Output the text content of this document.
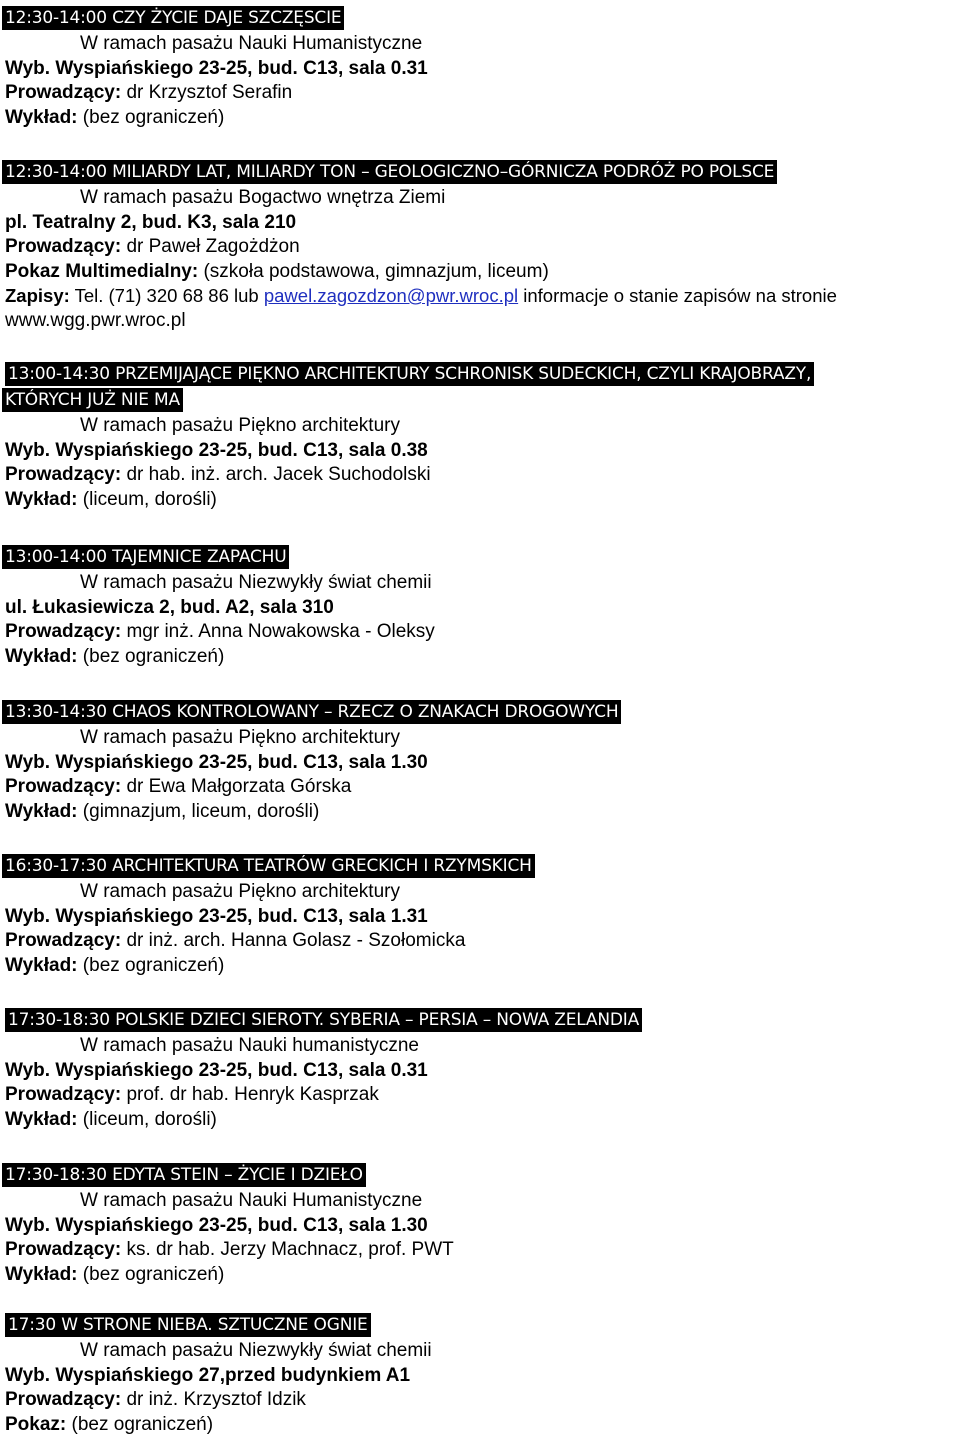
12:30-14:00 CZY ŻYCIE DAJE SZCZĘSCIE
W ramach pasażu Nauki Humanistyczne
Wyb. Wyspiańskiego 23-25, bud. C13, sala 0.31
Prowadzący: dr Krzysztof Serafin
Wykład: (bez ograniczeń)
12:30-14:00 MILIARDY LAT, MILIARDY TON – GEOLOGICZNO–GÓRNICZA PODRÓŻ PO POLSCE
W ramach pasażu Bogactwo wnętrza Ziemi
pl. Teatralny 2, bud. K3, sala 210
Prowadzący: dr Paweł Zagożdżon
Pokaz Multimedialny: (szkoła podstawowa, gimnazjum, liceum)
Zapisy: Tel. (71) 320 68 86 lub pawel.zagozdzon@pwr.wroc.pl informacje o stanie zapisów na stronie
www.wgg.pwr.wroc.pl
13:00-14:30 PRZEMIJAJĄCE PIĘKNO ARCHITEKTURY SCHRONISK SUDECKICH, CZYLI KRAJOBRAZY,
KTÓRYCH JUŻ NIE MA
W ramach pasażu Piękno architektury
Wyb. Wyspiańskiego 23-25, bud. C13, sala 0.38
Prowadzący: dr hab. inż. arch. Jacek Suchodolski
Wykład: (liceum, dorośli)
13:00-14:00 TAJEMNICE ZAPACHU
W ramach pasażu Niezwykły świat chemii
ul. Łukasiewicza 2, bud. A2, sala 310
Prowadzący: mgr inż. Anna Nowakowska - Oleksy
Wykład: (bez ograniczeń)
13:30-14:30 CHAOS KONTROLOWANY – RZECZ O ZNAKACH DROGOWYCH
W ramach pasażu Piękno architektury
Wyb. Wyspiańskiego 23-25, bud. C13, sala 1.30
Prowadzący: dr Ewa Małgorzata Górska
Wykład: (gimnazjum, liceum, dorośli)
16:30-17:30 ARCHITEKTURA TEATRÓW GRECKICH I RZYMSKICH
W ramach pasażu Piękno architektury
Wyb. Wyspiańskiego 23-25, bud. C13, sala 1.31
Prowadzący: dr inż. arch. Hanna Golasz - Szołomicka
Wykład: (bez ograniczeń)
17:30-18:30 POLSKIE DZIECI SIEROTY. SYBERIA – PERSIA – NOWA ZELANDIA
W ramach pasażu Nauki humanistyczne
Wyb. Wyspiańskiego 23-25, bud. C13, sala 0.31
Prowadzący: prof. dr hab. Henryk Kasprzak
Wykład: (liceum, dorośli)
17:30-18:30 EDYTA STEIN – ŻYCIE I DZIEŁO
W ramach pasażu Nauki Humanistyczne
Wyb. Wyspiańskiego 23-25, bud. C13, sala 1.30
Prowadzący: ks. dr hab. Jerzy Machnacz, prof. PWT
Wykład: (bez ograniczeń)
17:30 W STRONE NIEBA. SZTUCZNE OGNIE
W ramach pasażu Niezwykły świat chemii
Wyb. Wyspiańskiego 27,przed budynkiem A1
Prowadzący: dr inż. Krzysztof Idzik
Pokaz: (bez ograniczeń)
